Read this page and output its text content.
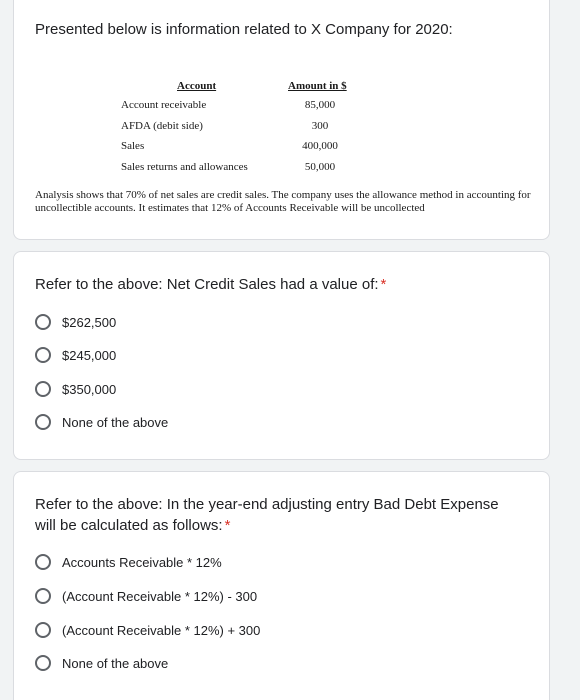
Presented below is information related to X Company for 2020:
Account	Amount in $
Account receivable	85,000
AFDA (debit side)	300
Sales	400,000
Sales returns and allowances	50,000
Analysis shows that 70% of net sales are credit sales. The company uses the allowance method in accounting for uncollectible accounts. It estimates that 12% of Accounts Receivable will be uncollected
Refer to the above: Net Credit Sales had a value of: *
$262,500
$245,000
$350,000
None of the above
Refer to the above: In the year-end adjusting entry Bad Debt Expense will be calculated as follows: *
Accounts Receivable * 12%
(Account Receivable * 12%) - 300
(Account Receivable * 12%) + 300
None of the above
